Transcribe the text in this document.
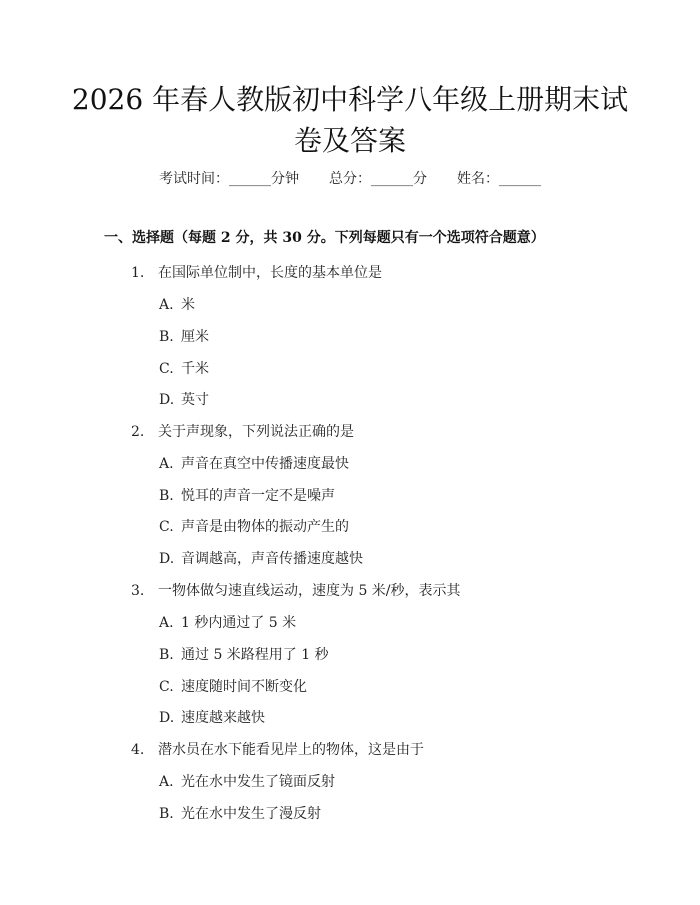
2026 年春人教版初中科学八年级上册期末试
卷及答案
考试时间：______分钟 总分：______分 姓名：______
一、选择题（每题 2 分，共 30 分。下列每题只有一个选项符合题意）
1. 在国际单位制中，长度的基本单位是
A. 米
B. 厘米
C. 千米
D. 英寸
2. 关于声现象，下列说法正确的是
A. 声音在真空中传播速度最快
B. 悦耳的声音一定不是噪声
C. 声音是由物体的振动产生的
D. 音调越高，声音传播速度越快
3. 一物体做匀速直线运动，速度为 5 米/秒，表示其
A. 1 秒内通过了 5 米
B. 通过 5 米路程用了 1 秒
C. 速度随时间不断变化
D. 速度越来越快
4. 潜水员在水下能看见岸上的物体，这是由于
A. 光在水中发生了镜面反射
B. 光在水中发生了漫反射
